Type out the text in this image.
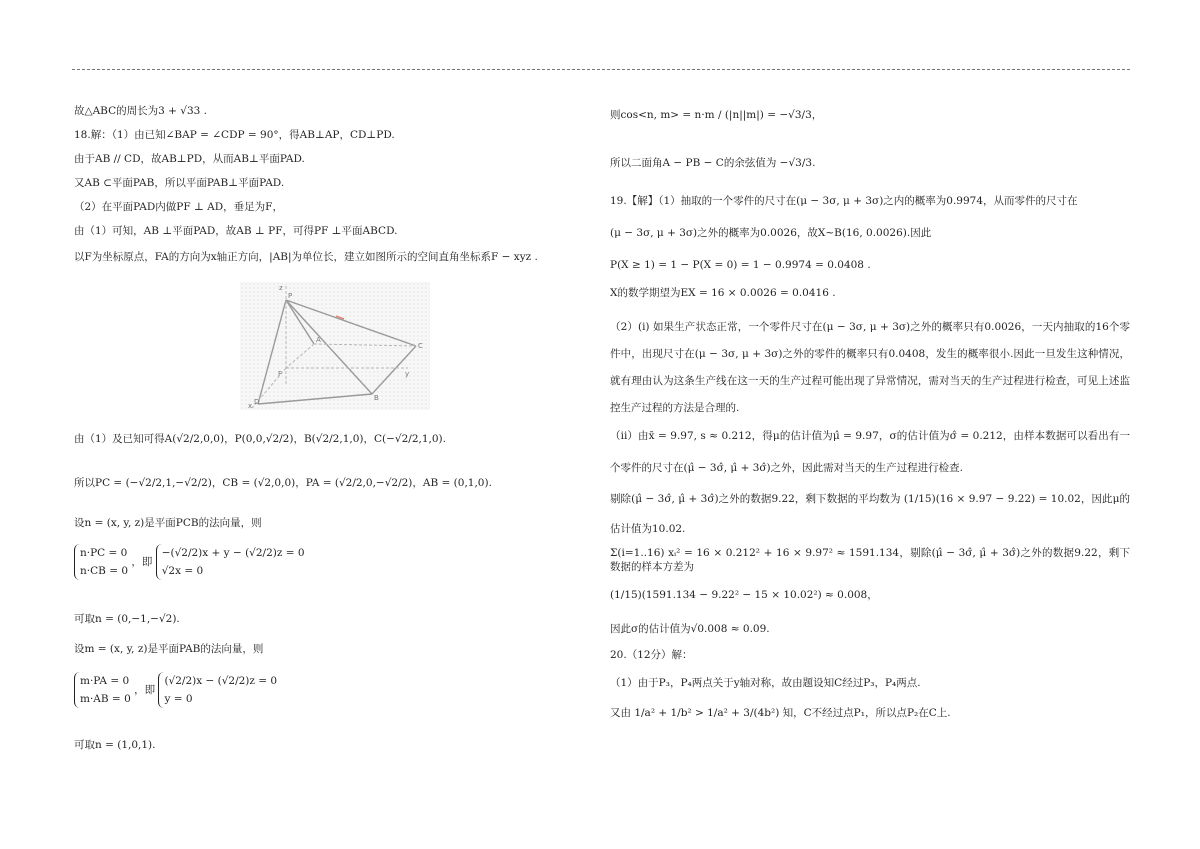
故△ABC的周长为3 + √33 .
18.解：（1）由已知∠BAP = ∠CDP = 90°，得AB⊥AP，CD⊥PD.
由于AB // CD，故AB⊥PD，从而AB⊥平面PAD.
又AB ⊂平面PAB，所以平面PAB⊥平面PAD.
（2）在平面PAD内做PF ⊥ AD，垂足为F，
由（1）可知，AB ⊥平面PAD，故AB ⊥ PF，可得PF ⊥平面ABCD.
以F为坐标原点，FA的方向为x轴正方向，|AB|为单位长，建立如图所示的空间直角坐标系F − xyz .
由（1）及已知可得A(√2/2,0,0)，P(0,0,√2/2)，B(√2/2,1,0)，C(−√2/2,1,0).
所以PC = (−√2/2,1,−√2/2)，CB = (√2,0,0)，PA = (√2/2,0,−√2/2)，AB = (0,1,0).
设n = (x, y, z)是平面PCB的法向量，则
n·PC = 0
n·CB = 0
，即
−(√2/2)x + y − (√2/2)z = 0
√2x = 0
可取n = (0,−1,−√2).
设m = (x, y, z)是平面PAB的法向量，则
m·PA = 0
m·AB = 0
，即
(√2/2)x − (√2/2)z = 0
y = 0
可取n = (1,0,1).
P
A
B
C
D
F
x
y
z
则cos<n, m> = n·m / (|n||m|) = −√3/3，
所以二面角A − PB − C的余弦值为 −√3/3.
19.【解】（1）抽取的一个零件的尺寸在(μ − 3σ, μ + 3σ)之内的概率为0.9974，从而零件的尺寸在
(μ − 3σ, μ + 3σ)之外的概率为0.0026，故X~B(16, 0.0026).因此
P(X ≥ 1) = 1 − P(X = 0) = 1 − 0.9974 = 0.0408 .
X的数学期望为EX = 16 × 0.0026 = 0.0416 .
（2）(i) 如果生产状态正常，一个零件尺寸在(μ − 3σ, μ + 3σ)之外的概率只有0.0026，一天内抽取的16个零件中，出现尺寸在(μ − 3σ, μ + 3σ)之外的零件的概率只有0.0408，发生的概率很小.因此一旦发生这种情况，就有理由认为这条生产线在这一天的生产过程可能出现了异常情况，需对当天的生产过程进行检查，可见上述监控生产过程的方法是合理的.
（ii）由x̄ = 9.97, s ≈ 0.212，得μ的估计值为μ̂ = 9.97，σ的估计值为σ̂ = 0.212，由样本数据可以看出有一个零件的尺寸在(μ̂ − 3σ̂, μ̂ + 3σ̂)之外，因此需对当天的生产过程进行检查.
剔除(μ̂ − 3σ̂, μ̂ + 3σ̂)之外的数据9.22，剩下数据的平均数为 (1/15)(16 × 9.97 − 9.22) = 10.02，因此μ的估计值为10.02.
Σ(i=1..16) xᵢ² = 16 × 0.212² + 16 × 9.97² ≈ 1591.134，剔除(μ̂ − 3σ̂, μ̂ + 3σ̂)之外的数据9.22，剩下数据的样本方差为
(1/15)(1591.134 − 9.22² − 15 × 10.02²) ≈ 0.008，
因此σ的估计值为√0.008 ≈ 0.09.
20.（12分）解：
（1）由于P₃，P₄两点关于y轴对称，故由题设知C经过P₃，P₄两点.
又由 1/a² + 1/b² > 1/a² + 3/(4b²) 知，C不经过点P₁，所以点P₂在C上.
